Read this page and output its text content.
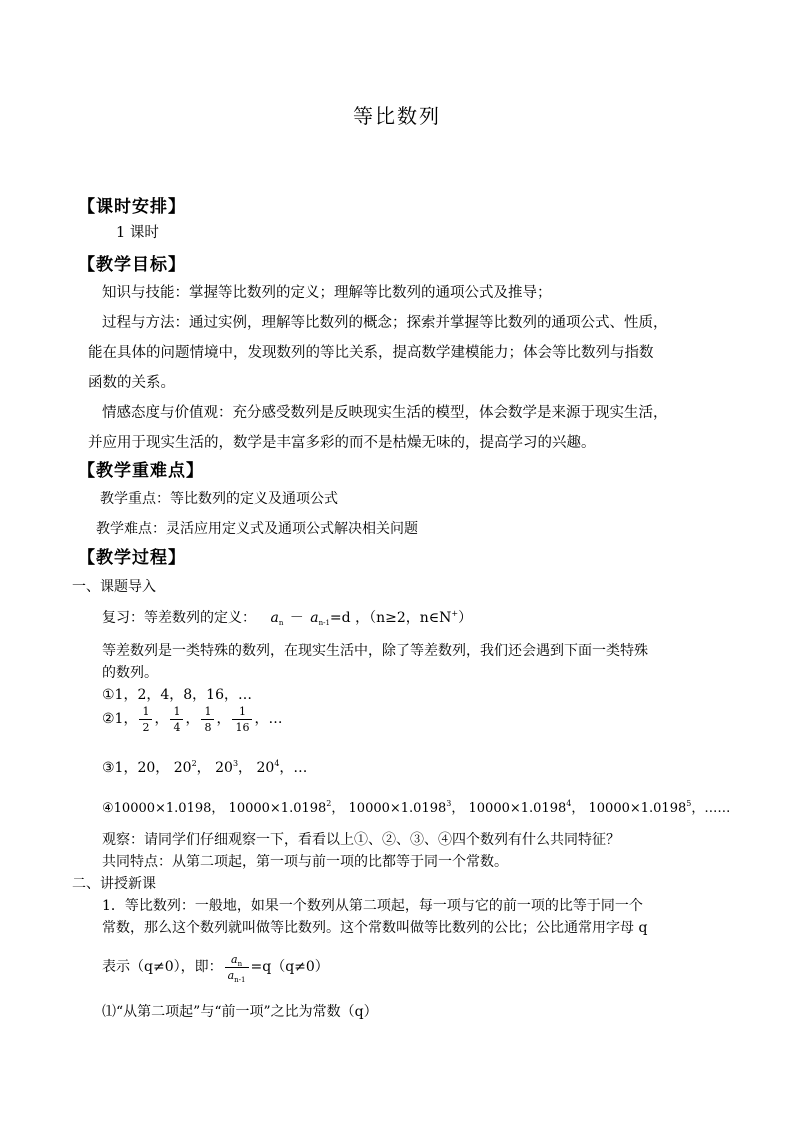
等比数列
【课时安排】
1 课时
【教学目标】
知识与技能：掌握等比数列的定义；理解等比数列的通项公式及推导；
过程与方法：通过实例，理解等比数列的概念；探索并掌握等比数列的通项公式、性质，
能在具体的问题情境中，发现数列的等比关系，提高数学建模能力；体会等比数列与指数
函数的关系。
情感态度与价值观：充分感受数列是反映现实生活的模型，体会数学是来源于现实生活，
并应用于现实生活的，数学是丰富多彩的而不是枯燥无味的，提高学习的兴趣。
【教学重难点】
教学重点：等比数列的定义及通项公式
教学难点：灵活应用定义式及通项公式解决相关问题
【教学过程】
一、课题导入
复习：等差数列的定义： $a_n - a_{n-1}=d$ ，（n≥2，n∈N+）
等差数列是一类特殊的数列，在现实生活中，除了等差数列，我们还会遇到下面一类特殊
的数列。
①1，2，4，8，16，…
②1， $\frac{1}{2}$ ， $\frac{1}{4}$ ， $\frac{1}{8}$ ， $\frac{1}{16}$ ，…
③1，20， $20^2$， $20^3$， $20^4$，…
④10000×1.0198， $10000\times 1.0198^2$， $10000\times 1.0198^3$， $10000\times 1.0198^4$， $10000\times 1.0198^5$，……
观察：请同学们仔细观察一下，看看以上①、②、③、④四个数列有什么共同特征？
共同特点：从第二项起，第一项与前一项的比都等于同一个常数。
二、讲授新课
1．等比数列：一般地，如果一个数列从第二项起，每一项与它的前一项的比等于同一个
常数，那么这个数列就叫做等比数列。这个常数叫做等比数列的公比；公比通常用字母 q
表示（q≠0），即： $\frac{a_n}{a_{n-1}} =q(q\ne 0)$
⑴“从第二项起”与“前一项”之比为常数（q）
